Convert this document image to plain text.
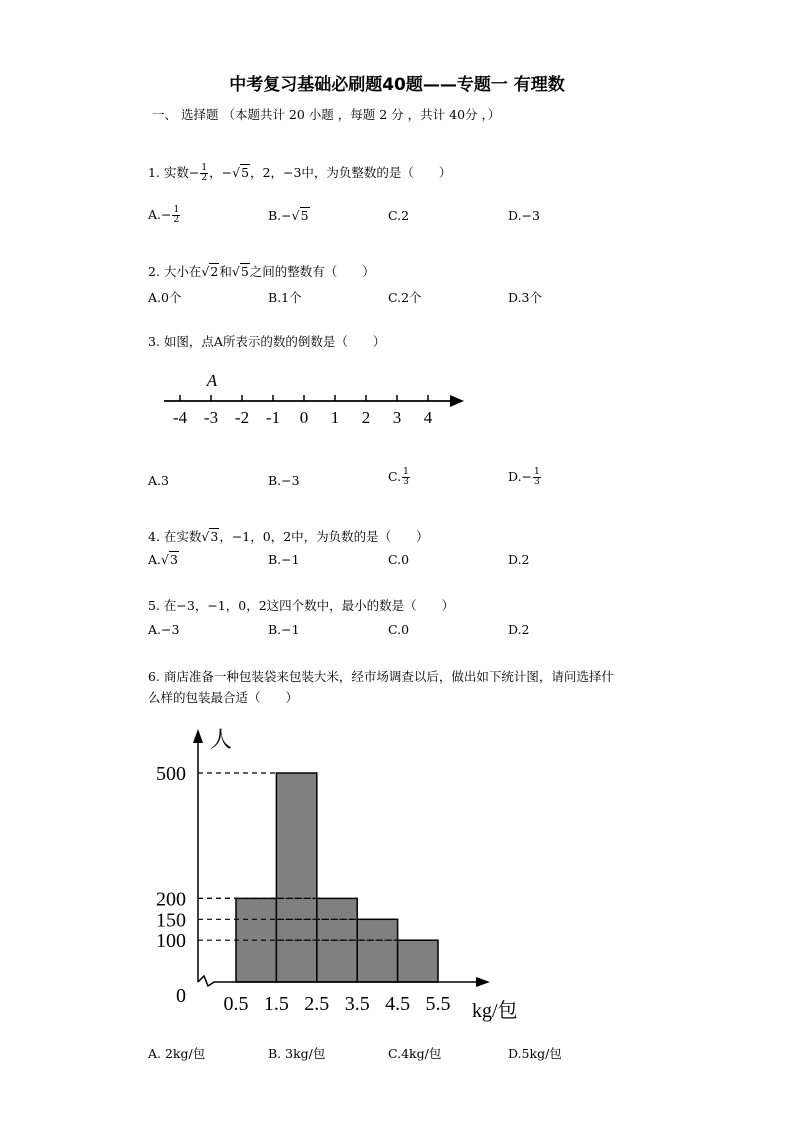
中考复习基础必刷题40题——专题一 有理数
一、 选择题 （本题共计 20 小题 ，每题 2 分 ，共计 40分 ，）
1. 实数− $\frac{1}{2}$ ，−√5，2，−3中，为负整数的是（　　）
$A.- \frac{1}{2}$	B.−√5	C.2	D.−3
2. 大小在√2和√5之间的整数有（　　）
A.0个	B.1个	C.2个	D.3个
3. 如图，点A所表示的数的倒数是（　　）
A
-4 -3 -2 -1 0 1 2 3 4
A.3	B.−3	C. $\frac{1}{3}$	$D.- \frac{1}{3}$
4. 在实数√3，−1，0，2中，为负数的是（　　）
A.√3	B.−1	C.0	D.2
5. 在−3，−1，0，2这四个数中，最小的数是（　　）
A.−3	B.−1	C.0	D.2
6. 商店准备一种包装袋来包装大米，经市场调查以后，做出如下统计图，请问选择什
么样的包装最合适（　　）
人
kg/包
0
100
150
200
500
0.5 1.5 2.5 3.5 4.5 5.5
A. 2kg/包	B. 3kg/包	C.4kg/包	D.5kg/包
